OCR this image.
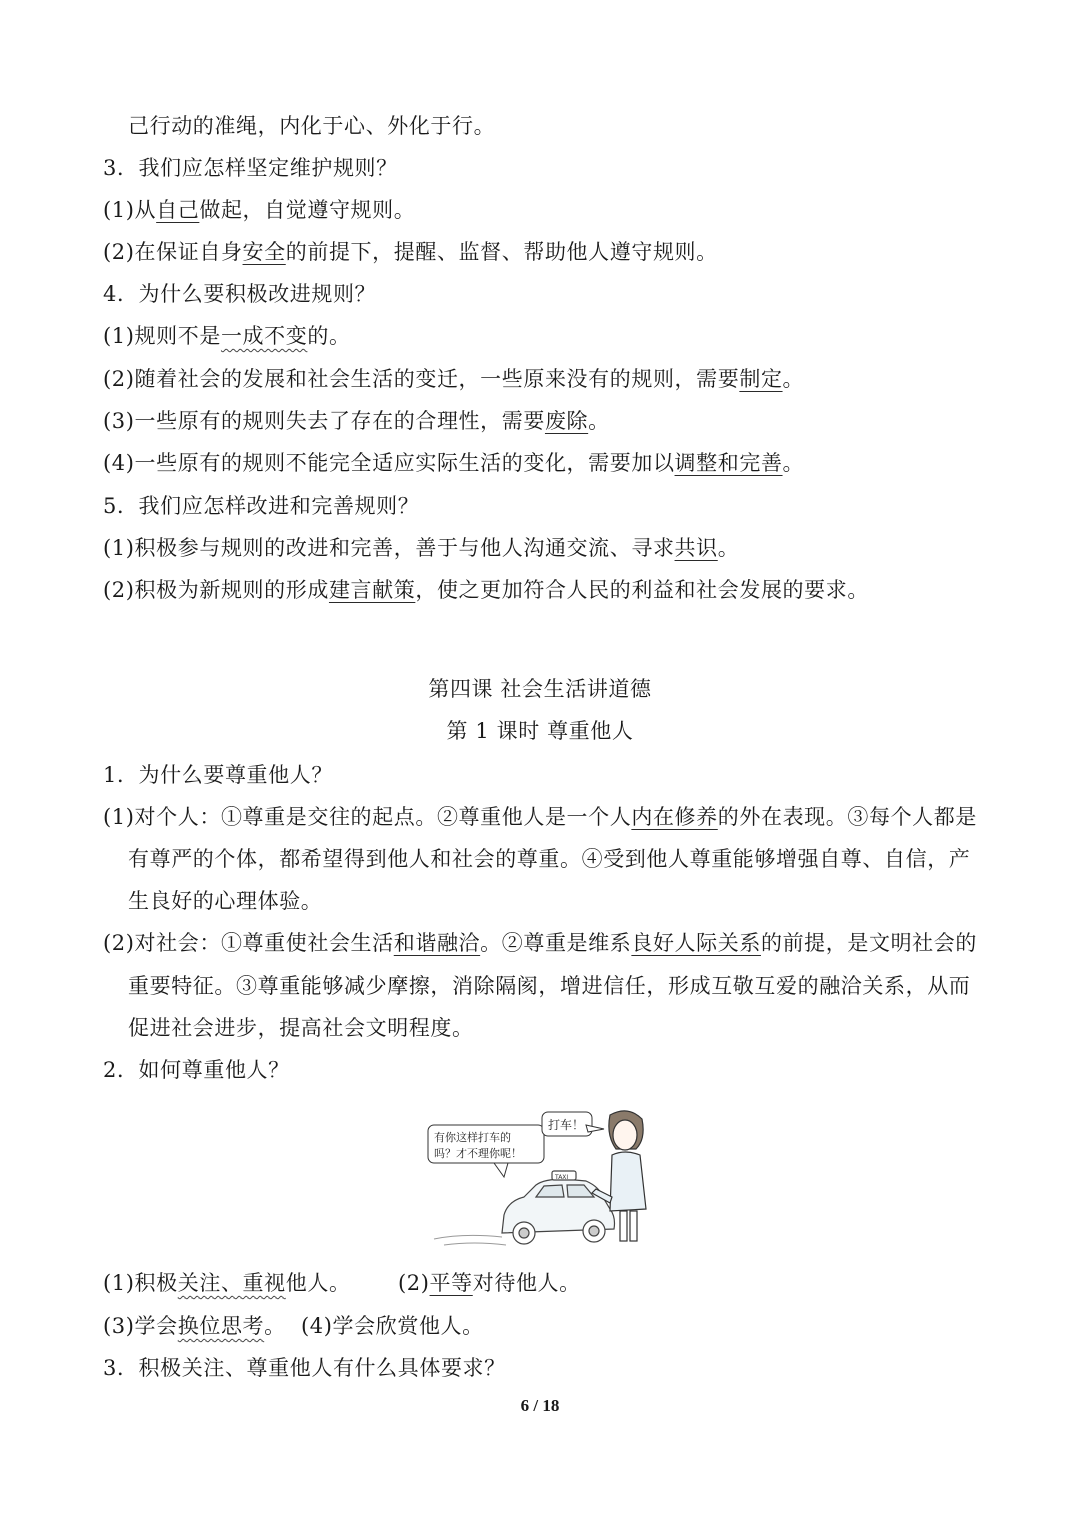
己行动的准绳，内化于心、外化于行。
3．我们应怎样坚定维护规则？
(1)从自己做起，自觉遵守规则。
(2)在保证自身安全的前提下，提醒、监督、帮助他人遵守规则。
4．为什么要积极改进规则？
(1)规则不是一成不变的。
(2)随着社会的发展和社会生活的变迁，一些原来没有的规则，需要制定。
(3)一些原有的规则失去了存在的合理性，需要废除。
(4)一些原有的规则不能完全适应实际生活的变化，需要加以调整和完善。
5．我们应怎样改进和完善规则？
(1)积极参与规则的改进和完善，善于与他人沟通交流、寻求共识。
(2)积极为新规则的形成建言献策，使之更加符合人民的利益和社会发展的要求。
第四课 社会生活讲道德
第 1 课时 尊重他人
1．为什么要尊重他人？
(1)对个人：①尊重是交往的起点。②尊重他人是一个人内在修养的外在表现。③每个人都是
有尊严的个体，都希望得到他人和社会的尊重。④受到他人尊重能够增强自尊、自信，产
生良好的心理体验。
(2)对社会：①尊重使社会生活和谐融洽。②尊重是维系良好人际关系的前提，是文明社会的
重要特征。③尊重能够减少摩擦，消除隔阂，增进信任，形成互敬互爱的融洽关系，从而
促进社会进步，提高社会文明程度。
2．如何尊重他人？
有你这样打车的
吗？才不理你呢！
打车！
TAXI
(1)积极关注、重视他人。 (2)平等对待他人。
(3)学会换位思考。 (4)学会欣赏他人。
3．积极关注、尊重他人有什么具体要求？
6 / 18
